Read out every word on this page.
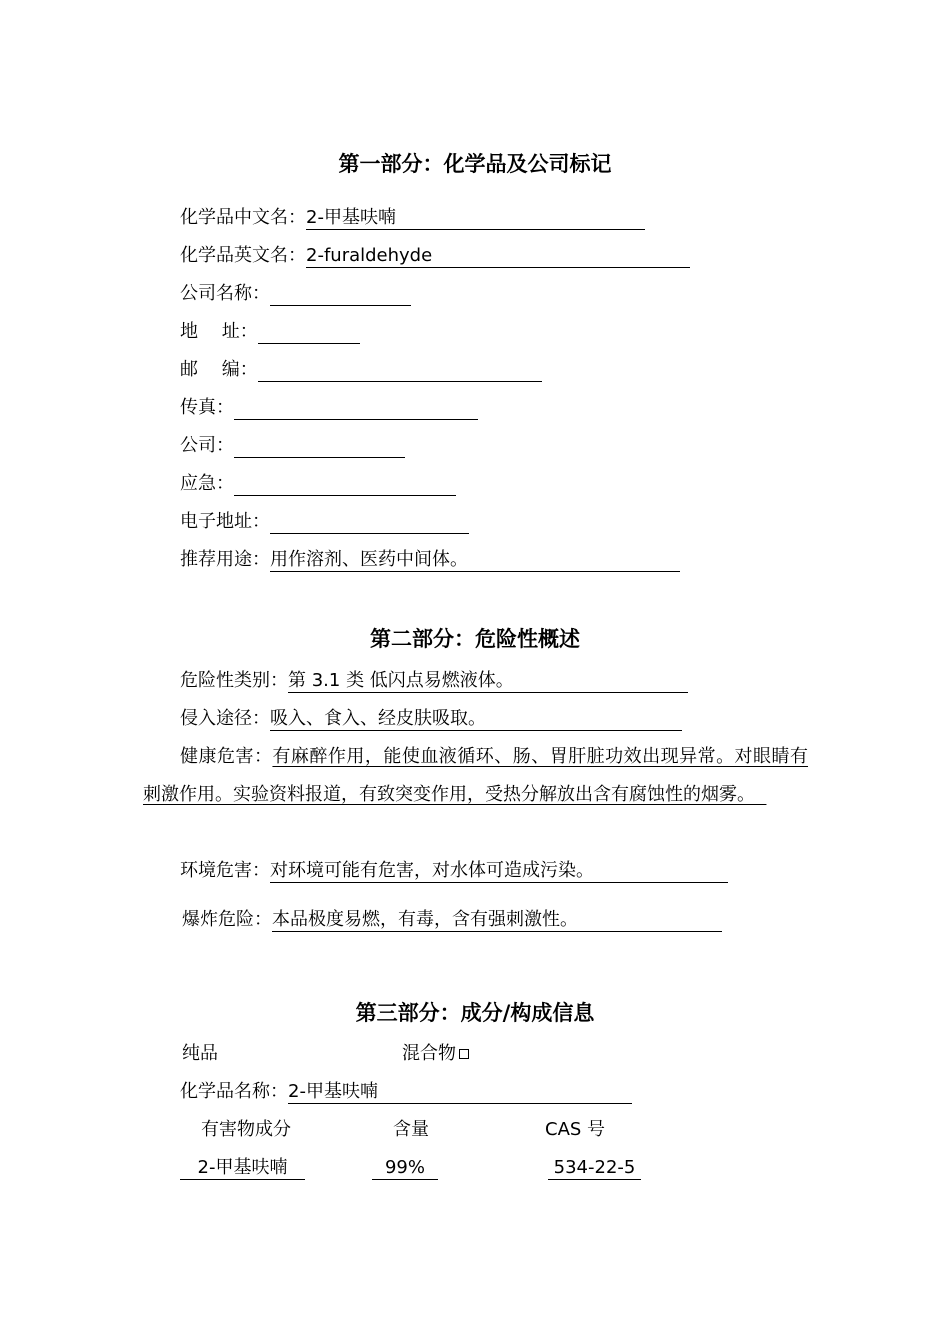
第一部分：化学品及公司标记
化学品中文名：2-甲基呋喃
化学品英文名：2-furaldehyde
公司名称：
地　 址：
邮　 编：
传真：
公司：
应急：
电子地址：
推荐用途：用作溶剂、医药中间体。
第二部分：危险性概述
危险性类别：第 3.1 类 低闪点易燃液体。
侵入途径：吸入、食入、经皮肤吸取。
健康危害：有麻醉作用，能使血液循环、肠、胃肝脏功效出现异常。对眼睛有刺激作用。实验资料报道，有致突变作用，受热分解放出含有腐蚀性的烟雾。
环境危害：对环境可能有危害，对水体可造成污染。
爆炸危险：本品极度易燃，有毒，含有强刺激性。
第三部分：成分/构成信息
纯品	混合物
化学品名称：2-甲基呋喃
有害物成分	含量	CAS 号
2-甲基呋喃	99%	534-22-5
